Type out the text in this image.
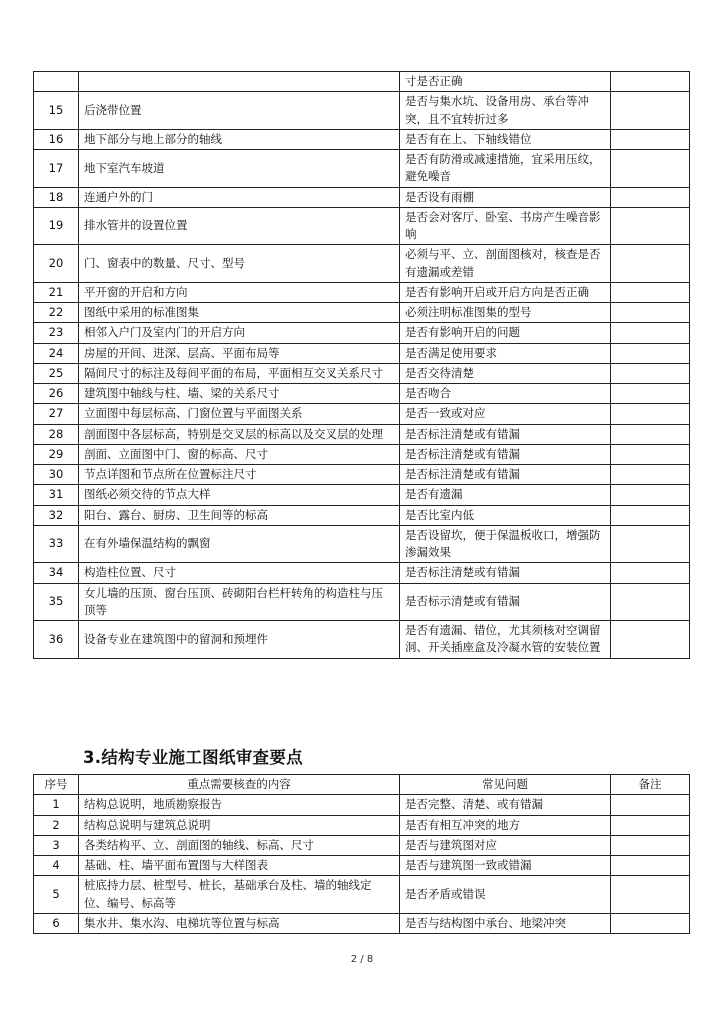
		寸是否正确	
15	后浇带位置	是否与集水坑、设备用房、承台等冲突，且不宜转折过多	
16	地下部分与地上部分的轴线	是否有在上、下轴线错位	
17	地下室汽车坡道	是否有防滑或减速措施，宜采用压纹，避免噪音	
18	连通户外的门	是否设有雨棚	
19	排水管井的设置位置	是否会对客厅、卧室、书房产生噪音影响	
20	门、窗表中的数量、尺寸、型号	必须与平、立、剖面图核对，核查是否有遗漏或差错	
21	平开窗的开启和方向	是否有影响开启或开启方向是否正确	
22	图纸中采用的标准图集	必须注明标准图集的型号	
23	相邻入户门及室内门的开启方向	是否有影响开启的问题	
24	房屋的开间、进深、层高、平面布局等	是否满足使用要求	
25	隔间尺寸的标注及每间平面的布局，平面相互交叉关系尺寸	是否交待清楚	
26	建筑图中轴线与柱、墙、梁的关系尺寸	是否吻合	
27	立面图中每层标高、门窗位置与平面图关系	是否一致或对应	
28	剖面图中各层标高，特别是交叉层的标高以及交叉层的处理	是否标注清楚或有错漏	
29	剖面、立面图中门、窗的标高、尺寸	是否标注清楚或有错漏	
30	节点详图和节点所在位置标注尺寸	是否标注清楚或有错漏	
31	图纸必须交待的节点大样	是否有遗漏	
32	阳台、露台、厨房、卫生间等的标高	是否比室内低	
33	在有外墙保温结构的飘窗	是否设留坎，便于保温板收口，增强防渗漏效果	
34	构造柱位置、尺寸	是否标注清楚或有错漏	
35	女儿墙的压顶、窗台压顶、砖砌阳台栏杆转角的构造柱与压顶等	是否标示清楚或有错漏	
36	设备专业在建筑图中的留洞和预埋件	是否有遗漏、错位，尤其须核对空调留洞、开关插座盒及冷凝水管的安装位置	
3.结构专业施工图纸审查要点
序号	重点需要核查的内容	常见问题	备注
1	结构总说明，地质勘察报告	是否完整、清楚、或有错漏	
2	结构总说明与建筑总说明	是否有相互冲突的地方	
3	各类结构平、立、剖面图的轴线、标高、尺寸	是否与建筑图对应	
4	基础、柱、墙平面布置图与大样图表	是否与建筑图一致或错漏	
5	桩底持力层、桩型号、桩长，基础承台及柱、墙的轴线定位、编号、标高等	是否矛盾或错误	
6	集水井、集水沟、电梯坑等位置与标高	是否与结构图中承台、地梁冲突	
2 / 8
